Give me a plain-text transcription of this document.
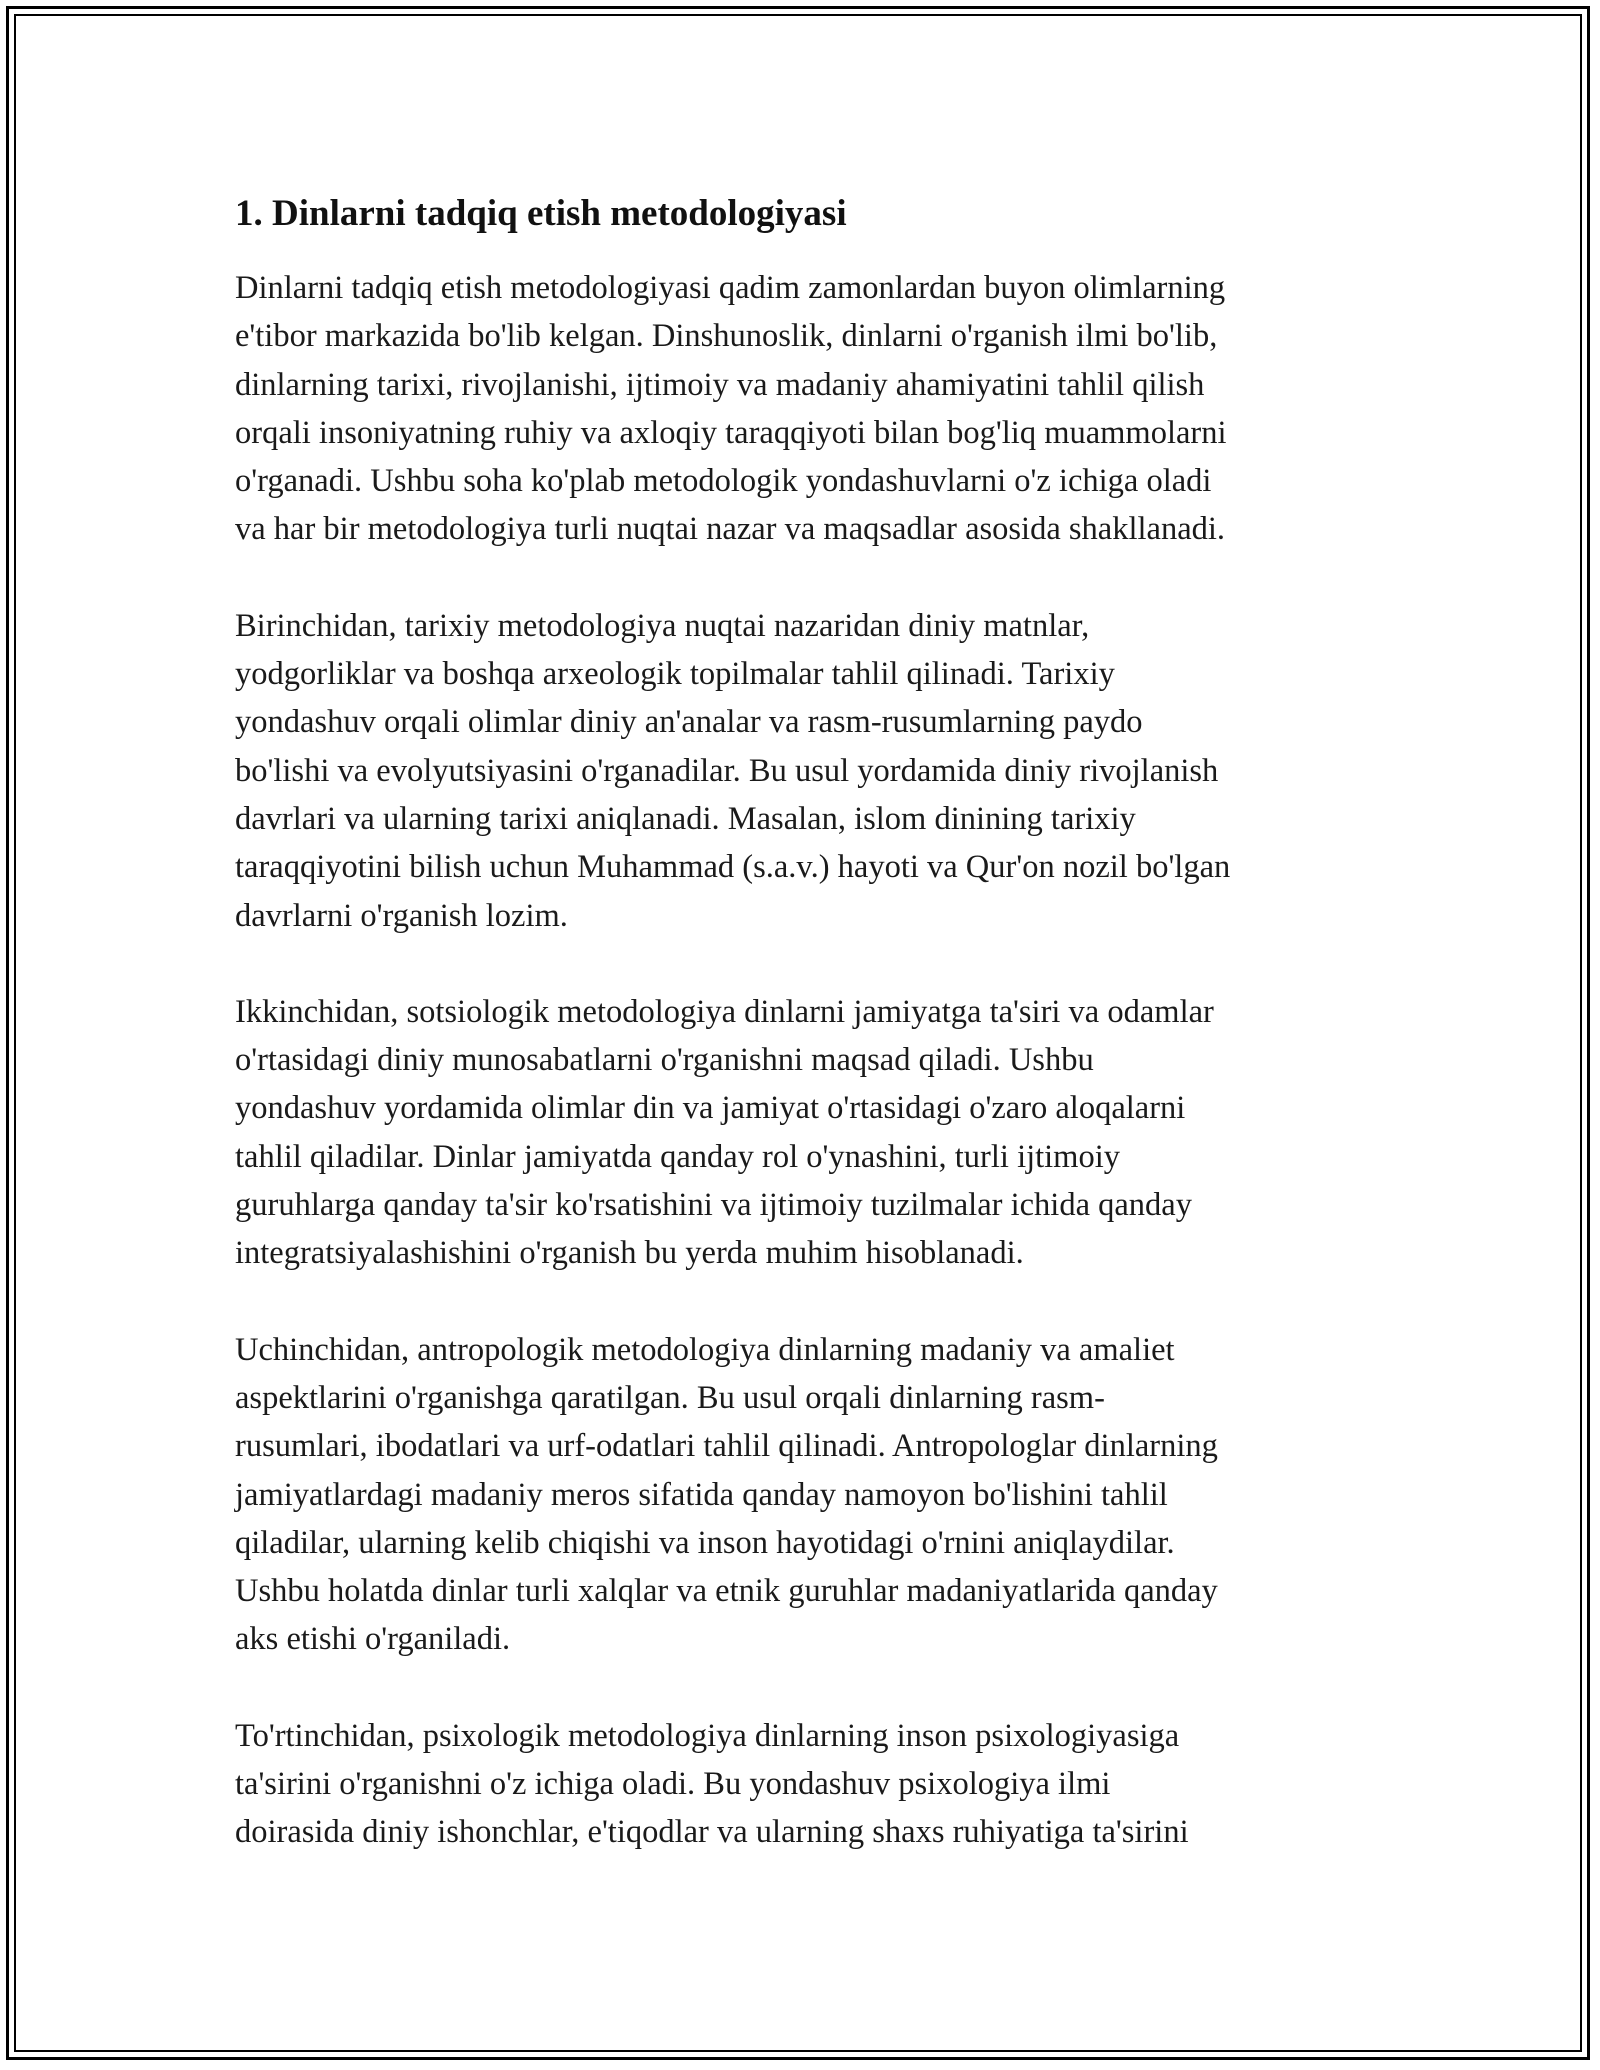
1. Dinlarni tadqiq etish metodologiyasi

Dinlarni tadqiq etish metodologiyasi qadim zamonlardan buyon olimlarning
e'tibor markazida bo'lib kelgan. Dinshunoslik, dinlarni o'rganish ilmi bo'lib,
dinlarning tarixi, rivojlanishi, ijtimoiy va madaniy ahamiyatini tahlil qilish
orqali insoniyatning ruhiy va axloqiy taraqqiyoti bilan bog'liq muammolarni
o'rganadi. Ushbu soha ko'plab metodologik yondashuvlarni o'z ichiga oladi
va har bir metodologiya turli nuqtai nazar va maqsadlar asosida shakllanadi.

Birinchidan, tarixiy metodologiya nuqtai nazaridan diniy matnlar,
yodgorliklar va boshqa arxeologik topilmalar tahlil qilinadi. Tarixiy
yondashuv orqali olimlar diniy an'analar va rasm-rusumlarning paydo
bo'lishi va evolyutsiyasini o'rganadilar. Bu usul yordamida diniy rivojlanish
davrlari va ularning tarixi aniqlanadi. Masalan, islom dinining tarixiy
taraqqiyotini bilish uchun Muhammad (s.a.v.) hayoti va Qur'on nozil bo'lgan
davrlarni o'rganish lozim.

Ikkinchidan, sotsiologik metodologiya dinlarni jamiyatga ta'siri va odamlar
o'rtasidagi diniy munosabatlarni o'rganishni maqsad qiladi. Ushbu
yondashuv yordamida olimlar din va jamiyat o'rtasidagi o'zaro aloqalarni
tahlil qiladilar. Dinlar jamiyatda qanday rol o'ynashini, turli ijtimoiy
guruhlarga qanday ta'sir ko'rsatishini va ijtimoiy tuzilmalar ichida qanday
integratsiyalashishini o'rganish bu yerda muhim hisoblanadi.

Uchinchidan, antropologik metodologiya dinlarning madaniy va amaliet
aspektlarini o'rganishga qaratilgan. Bu usul orqali dinlarning rasm-
rusumlari, ibodatlari va urf-odatlari tahlil qilinadi. Antropologlar dinlarning
jamiyatlardagi madaniy meros sifatida qanday namoyon bo'lishini tahlil
qiladilar, ularning kelib chiqishi va inson hayotidagi o'rnini aniqlaydilar.
Ushbu holatda dinlar turli xalqlar va etnik guruhlar madaniyatlarida qanday
aks etishi o'rganiladi.

To'rtinchidan, psixologik metodologiya dinlarning inson psixologiyasiga
ta'sirini o'rganishni o'z ichiga oladi. Bu yondashuv psixologiya ilmi
doirasida diniy ishonchlar, e'tiqodlar va ularning shaxs ruhiyatiga ta'sirini
